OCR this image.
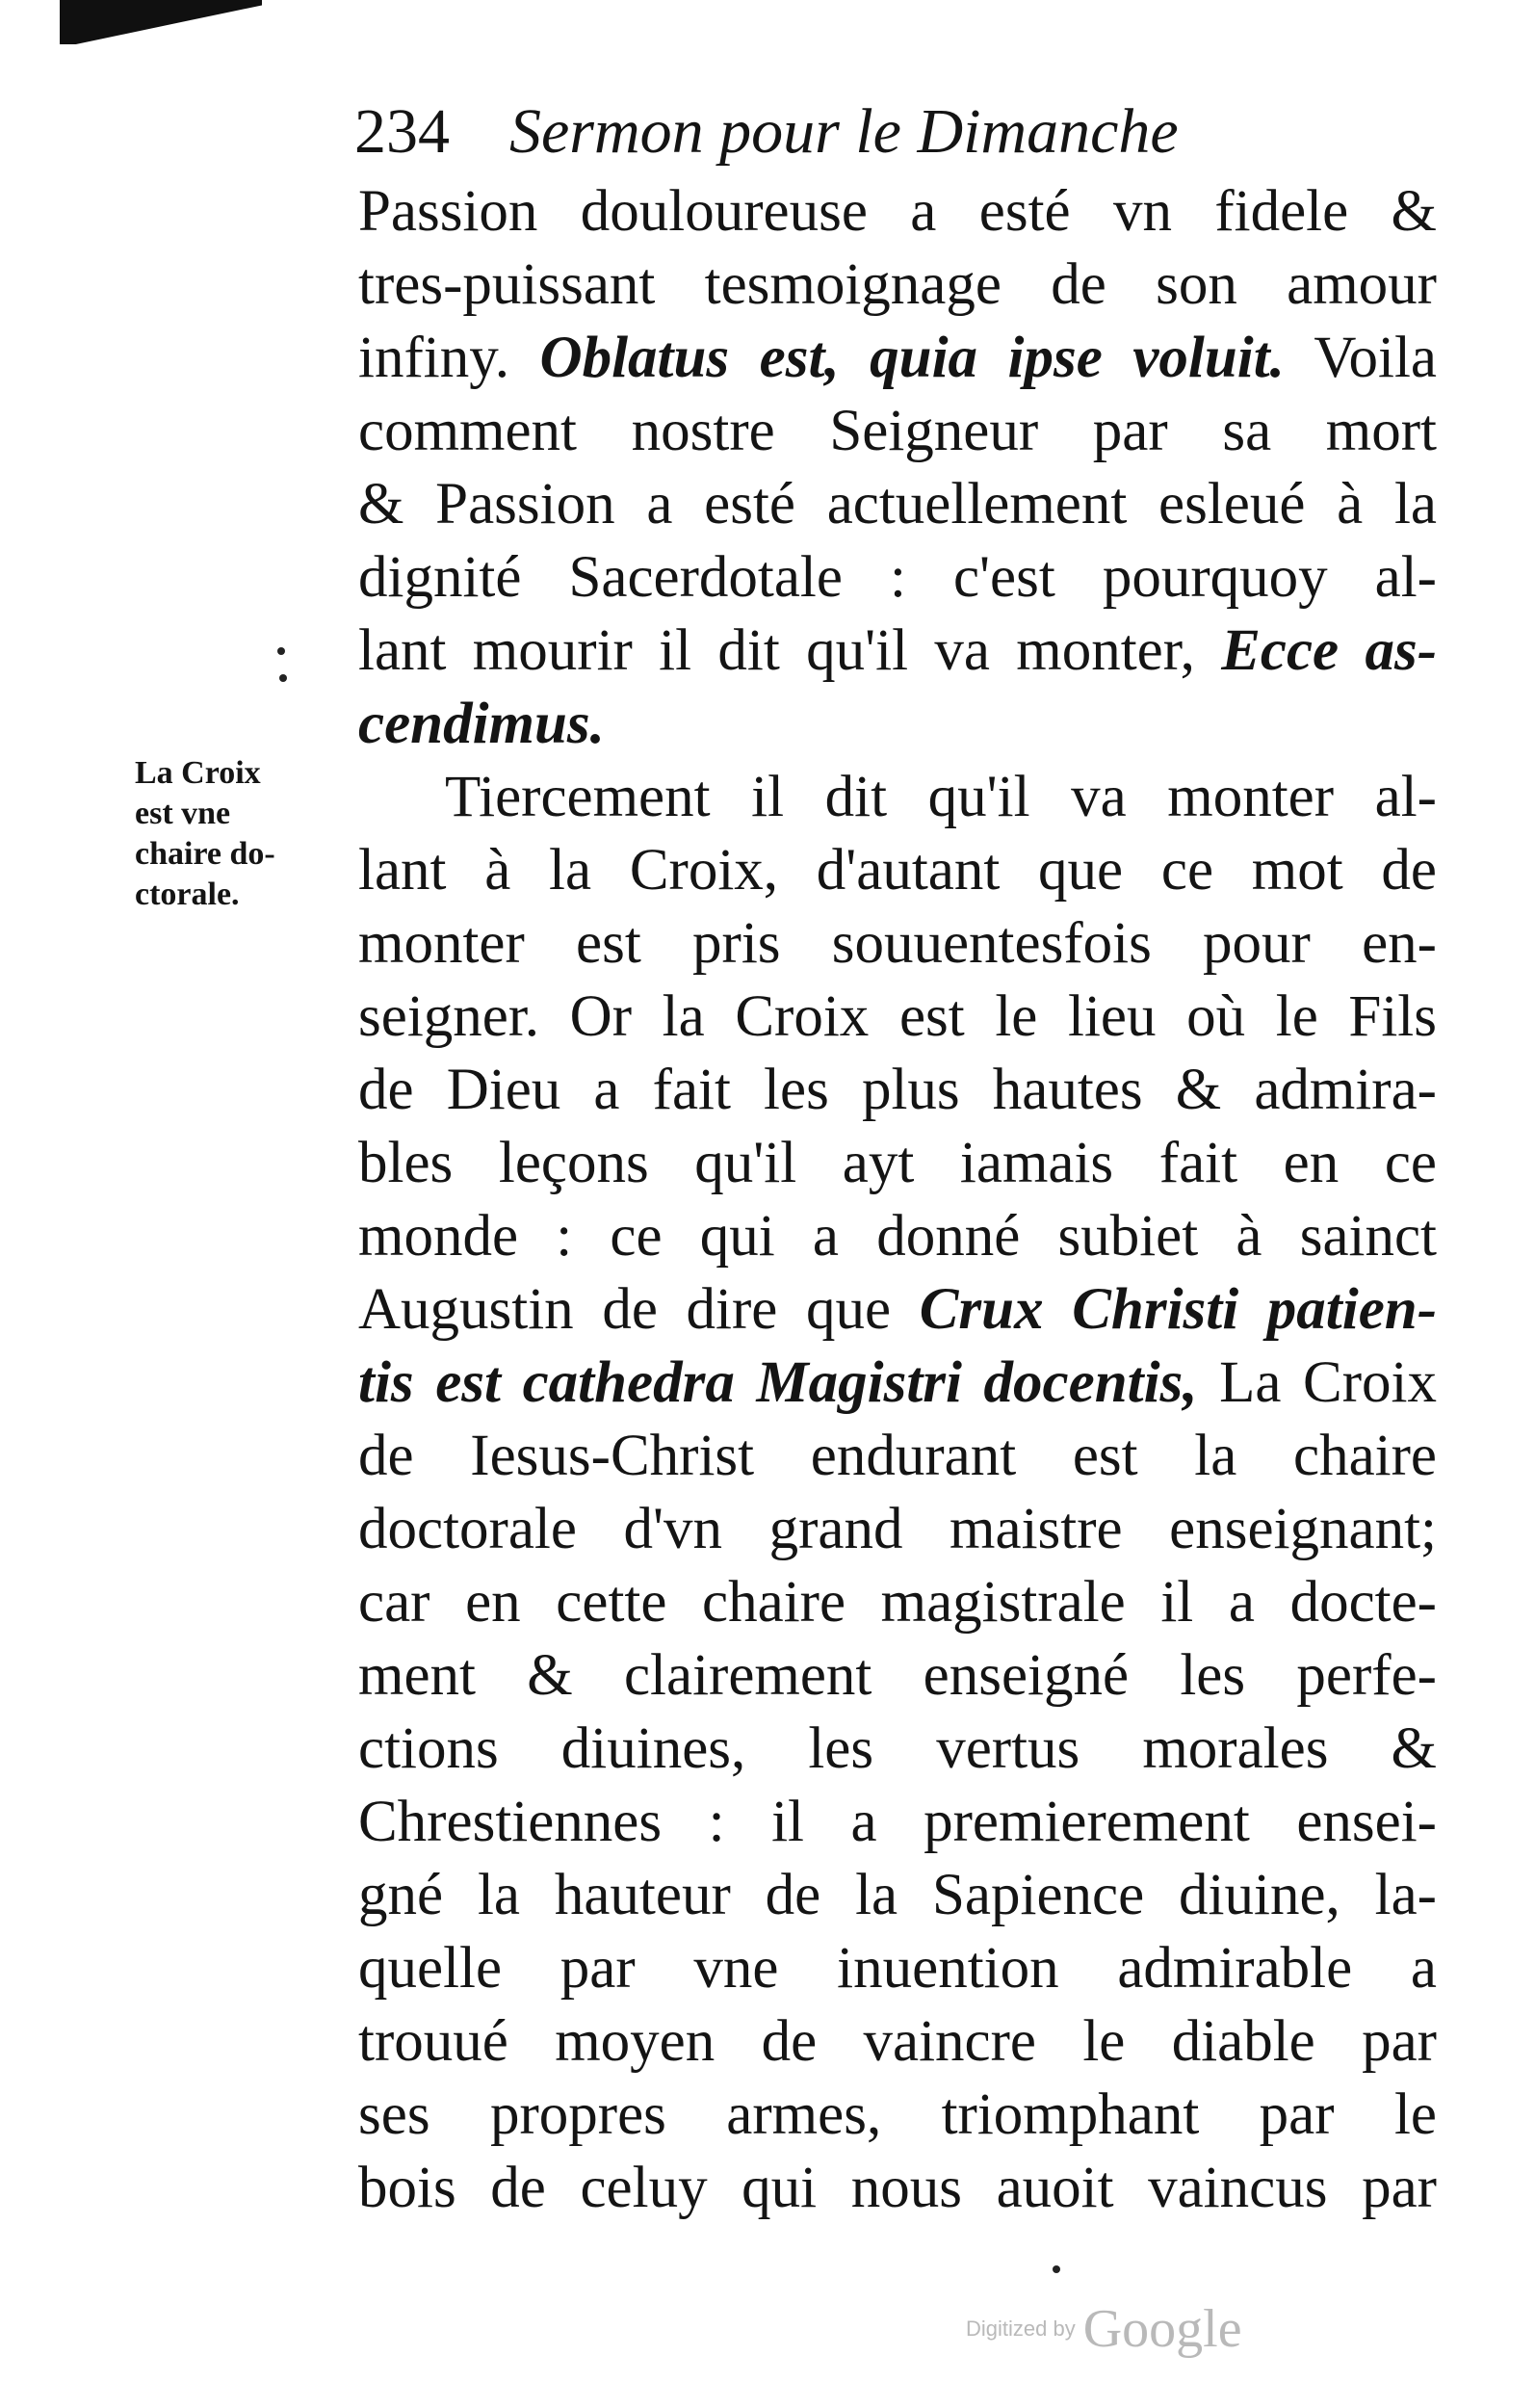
234 Sermon pour le Dimanche
La Croix
est vne
chaire do-
ctorale.
Passion douloureuse a esté vn fidele &
tres-puissant tesmoignage de son amour
infiny. Oblatus est, quia ipse voluit. Voila
comment nostre Seigneur par sa mort
& Passion a esté actuellement esleué à la
dignité Sacerdotale : c'est pourquoy al-
lant mourir il dit qu'il va monter, Ecce as-
cendimus.
Tiercement il dit qu'il va monter al-
lant à la Croix, d'autant que ce mot de
monter est pris souuentesfois pour en-
seigner. Or la Croix est le lieu où le Fils
de Dieu a fait les plus hautes & admira-
bles leçons qu'il ayt iamais fait en ce
monde : ce qui a donné subiet à sainct
Augustin de dire que Crux Christi patien-
tis est cathedra Magistri docentis, La Croix
de Iesus-Christ endurant est la chaire
doctorale d'vn grand maistre enseignant;
car en cette chaire magistrale il a docte-
ment & clairement enseigné les perfe-
ctions diuines, les vertus morales &
Chrestiennes : il a premierement ensei-
gné la hauteur de la Sapience diuine, la-
quelle par vne inuention admirable a
trouué moyen de vaincre le diable par
ses propres armes, triomphant par le
bois de celuy qui nous auoit vaincus par
Digitized by Google
